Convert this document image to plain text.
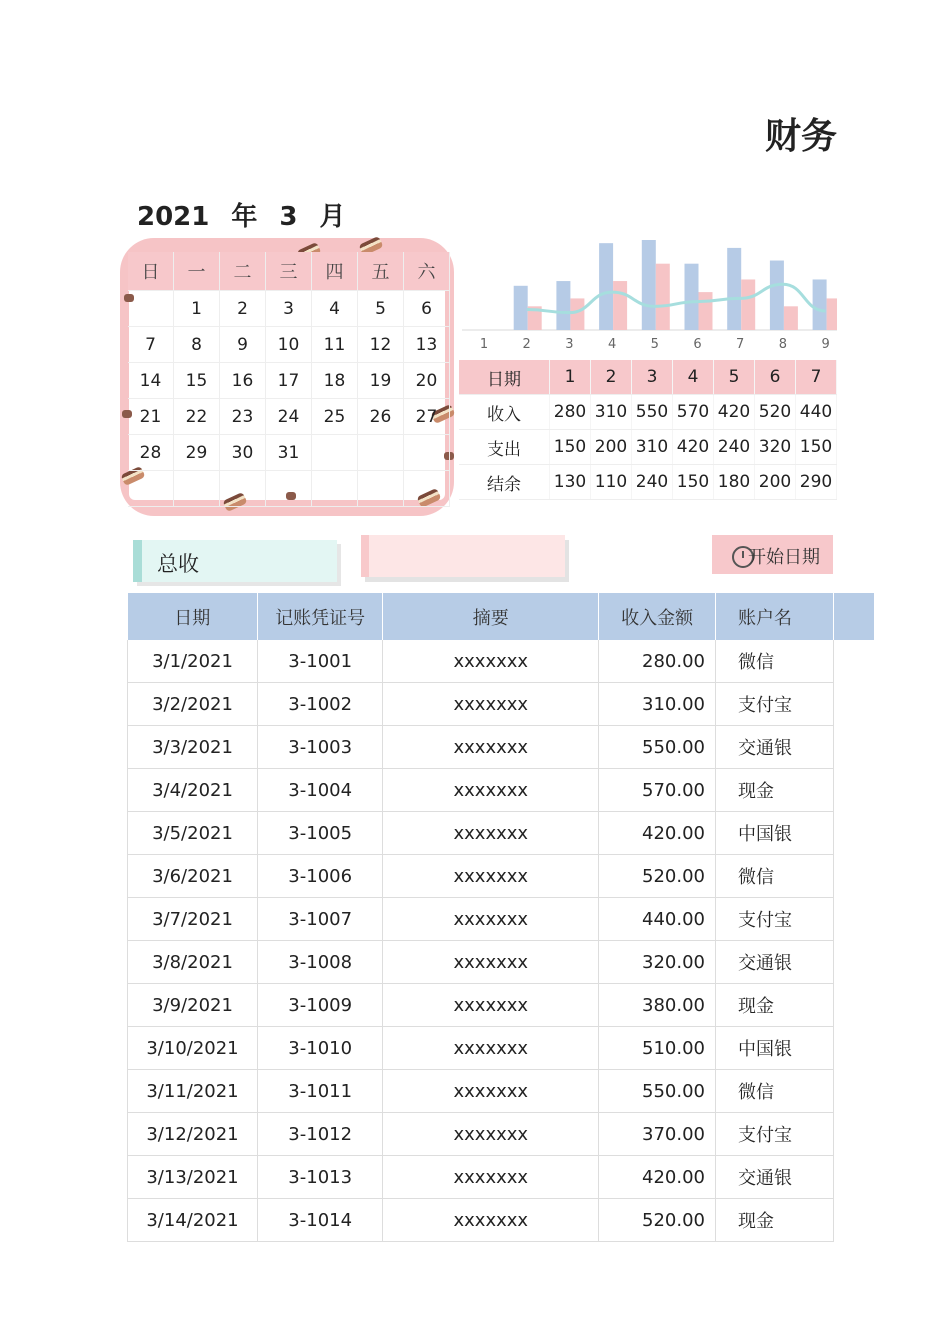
财务
2021 年 3 月
日	一	二	三	四	五	六
	1	2	3	4	5	6
7	8	9	10	11	12	13
14	15	16	17	18	19	20
21	22	23	24	25	26	27
28	29	30	31			

1	2	3	4	5	6	7	8	9
日期	1	2	3	4	5	6	7
收入	280	310	550	570	420	520	440
支出	150	200	310	420	240	320	150
结余	130	110	240	150	180	200	290
总收	开始日期
日期	记账凭证号	摘要	收入金额	账户名
3/1/2021	3-1001	xxxxxxx	280.00	微信
3/2/2021	3-1002	xxxxxxx	310.00	支付宝
3/3/2021	3-1003	xxxxxxx	550.00	交通银
3/4/2021	3-1004	xxxxxxx	570.00	现金
3/5/2021	3-1005	xxxxxxx	420.00	中国银
3/6/2021	3-1006	xxxxxxx	520.00	微信
3/7/2021	3-1007	xxxxxxx	440.00	支付宝
3/8/2021	3-1008	xxxxxxx	320.00	交通银
3/9/2021	3-1009	xxxxxxx	380.00	现金
3/10/2021	3-1010	xxxxxxx	510.00	中国银
3/11/2021	3-1011	xxxxxxx	550.00	微信
3/12/2021	3-1012	xxxxxxx	370.00	支付宝
3/13/2021	3-1013	xxxxxxx	420.00	交通银
3/14/2021	3-1014	xxxxxxx	520.00	现金
